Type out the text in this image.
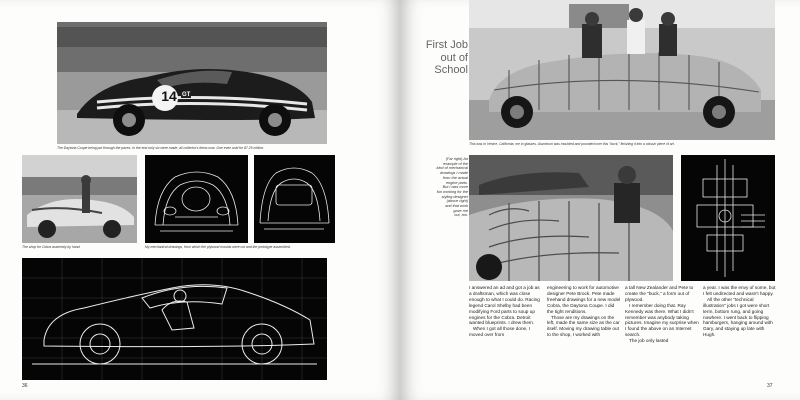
14 GT
The Daytona Coupe being put through the paces. In the end only six were made, all collector's items now. One even sold for $7.25 million.
The shop for Cobra assembly by hand.	My mechanical drawings, from which the plywood moulds were cut and the prototype assembled.
36
First Job
out of
School
This was in Venice, California, me in glasses. Aluminum was moulded and pounded over this "buck," finishing it into a classic piece of art.
(Far right) An
example of the
kind of mechanical
drawings I made
from the actual
engine parts.
But I was more
fun working for the
styling designer
(above right)
and that work
gave me
out, too.

I answered an ad and got a job as a draftsman, which was close enough to what I could do. Racing legend Carol Shelby had been modifying Ford parts to soup up engines for the Cobra. Detroit wanted blueprints. I drew them.

When I got all those done, I moved over from

engineering to work for automotive designer Pete Brock. Pete made freehand drawings for a new model Cobra, the Daytona Coupe. I did the tight renditions.

Those are my drawings on the left, made the same size as the car itself. Moving my drawing table out to the shop, I worked with

a tall New Zealander and Pete to create the "buck," a form out of plywood.

I remember doing that. Ray Kennedy was there. What I didn't remember was anybody taking pictures. Imagine my surprise when I found the above on an Internet search.

The job only lasted

a year. I was the envy of some, but I felt undirected and wasn't happy.

All the other "technical illustration" jobs I got were short term, bottom rung, and going nowhere. I went back to flipping hamburgers, hanging around with Gary, and staying up late with Hugh.

37
